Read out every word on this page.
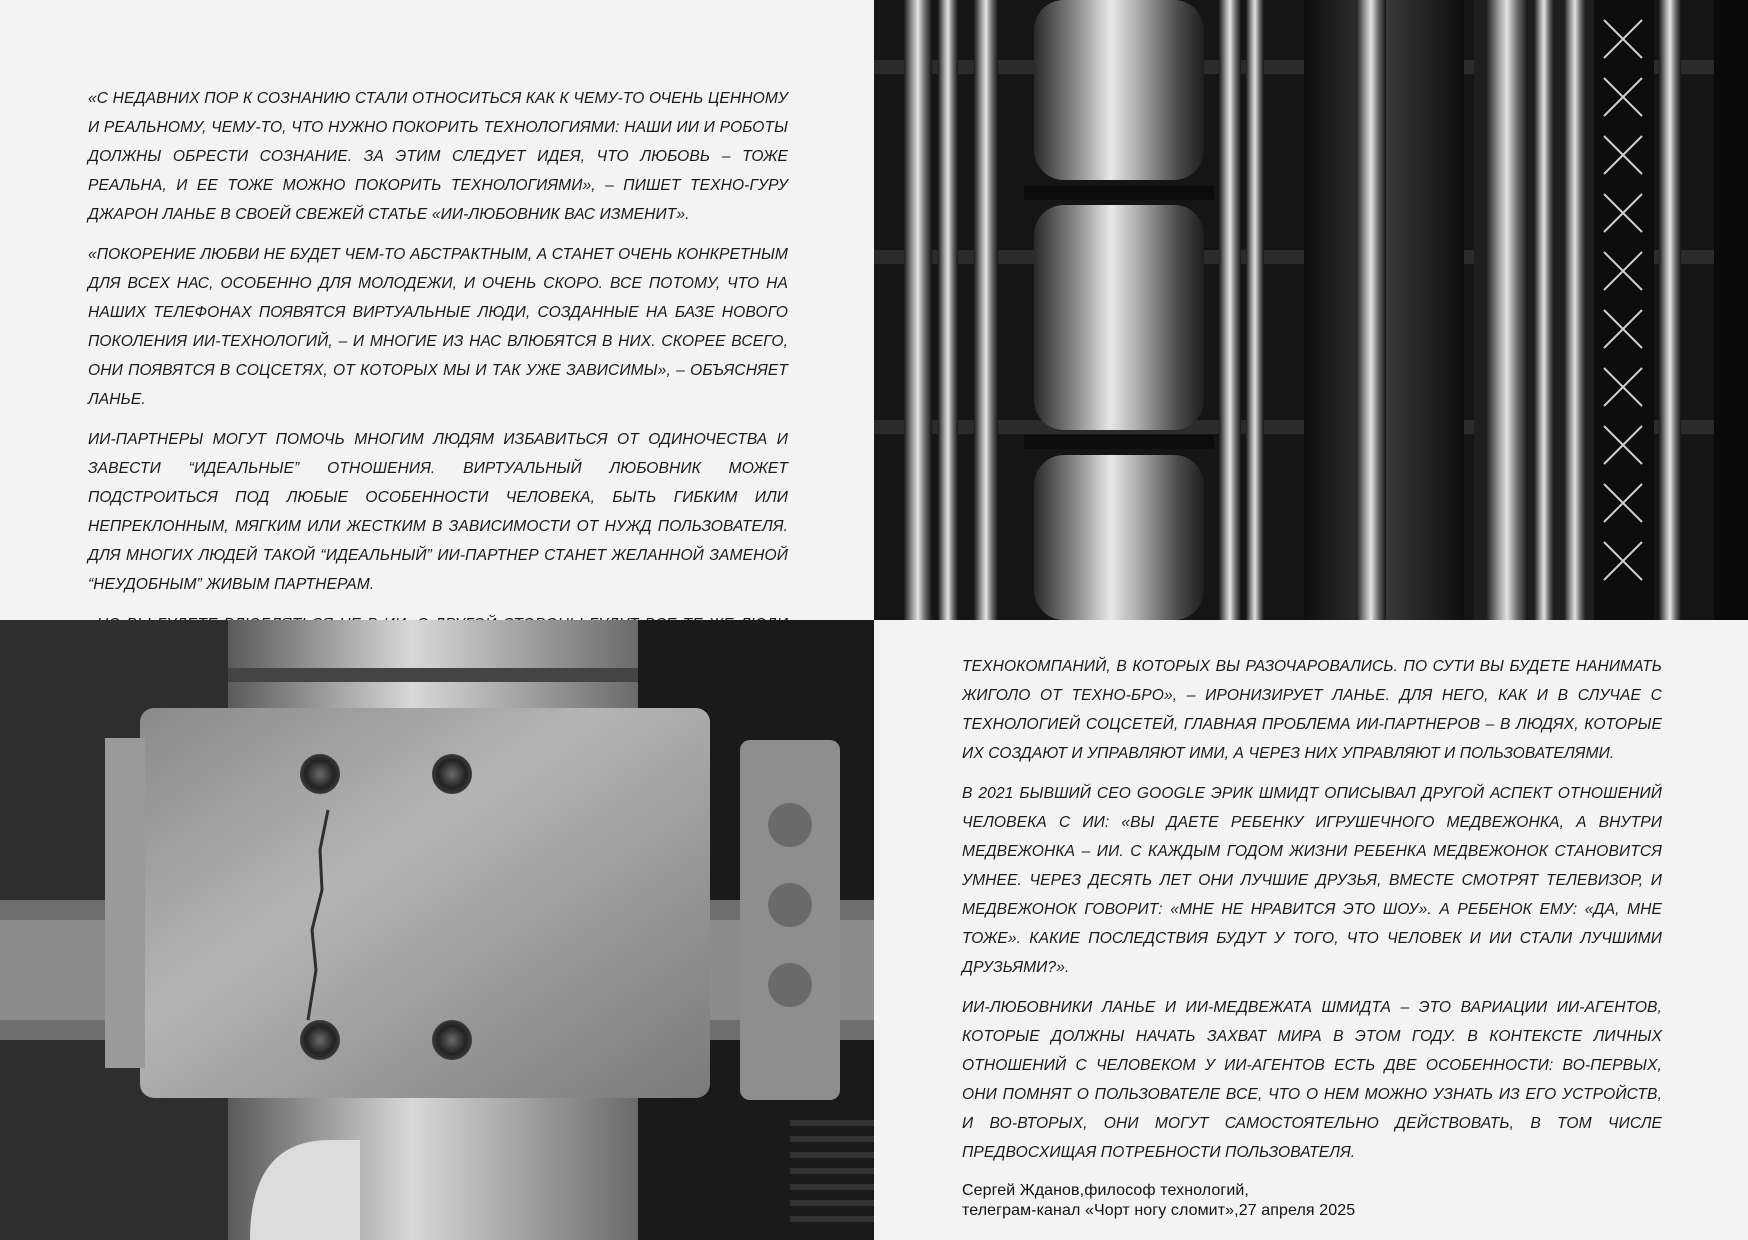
«С НЕДАВНИХ ПОР К СОЗНАНИЮ СТАЛИ ОТНОСИТЬСЯ КАК К ЧЕМУ-ТО ОЧЕНЬ ЦЕННОМУ И РЕАЛЬНОМУ, ЧЕМУ-ТО, ЧТО НУЖНО ПОКОРИТЬ ТЕХНОЛОГИЯМИ: НАШИ ИИ И РОБОТЫ ДОЛЖНЫ ОБРЕСТИ СОЗНАНИЕ. ЗА ЭТИМ СЛЕДУЕТ ИДЕЯ, ЧТО ЛЮБОВЬ – ТОЖЕ РЕАЛЬНА, И ЕЕ ТОЖЕ МОЖНО ПОКОРИТЬ ТЕХНОЛОГИЯМИ», – ПИШЕТ ТЕХНО-ГУРУ ДЖАРОН ЛАНЬЕ В СВОЕЙ СВЕЖЕЙ СТАТЬЕ «ИИ-ЛЮБОВНИК ВАС ИЗМЕНИТ».

«ПОКОРЕНИЕ ЛЮБВИ НЕ БУДЕТ ЧЕМ-ТО АБСТРАКТНЫМ, А СТАНЕТ ОЧЕНЬ КОНКРЕТНЫМ ДЛЯ ВСЕХ НАС, ОСОБЕННО ДЛЯ МОЛОДЕЖИ, И ОЧЕНЬ СКОРО. ВСЕ ПОТОМУ, ЧТО НА НАШИХ ТЕЛЕФОНАХ ПОЯВЯТСЯ ВИРТУАЛЬНЫЕ ЛЮДИ, СОЗДАННЫЕ НА БАЗЕ НОВОГО ПОКОЛЕНИЯ ИИ-ТЕХНОЛОГИЙ, – И МНОГИЕ ИЗ НАС ВЛЮБЯТСЯ В НИХ. СКОРЕЕ ВСЕГО, ОНИ ПОЯВЯТСЯ В СОЦСЕТЯХ, ОТ КОТОРЫХ МЫ И ТАК УЖЕ ЗАВИСИМЫ», – ОБЪЯСНЯЕТ ЛАНЬЕ.

ИИ-ПАРТНЕРЫ МОГУТ ПОМОЧЬ МНОГИМ ЛЮДЯМ ИЗБАВИТЬСЯ ОТ ОДИНОЧЕСТВА И ЗАВЕСТИ “ИДЕАЛЬНЫЕ” ОТНОШЕНИЯ. ВИРТУАЛЬНЫЙ ЛЮБОВНИК МОЖЕТ ПОДСТРОИТЬСЯ ПОД ЛЮБЫЕ ОСОБЕННОСТИ ЧЕЛОВЕКА, БЫТЬ ГИБКИМ ИЛИ НЕПРЕКЛОННЫМ, МЯГКИМ ИЛИ ЖЕСТКИМ В ЗАВИСИМОСТИ ОТ НУЖД ПОЛЬЗОВАТЕЛЯ. ДЛЯ МНОГИХ ЛЮДЕЙ ТАКОЙ “ИДЕАЛЬНЫЙ” ИИ-ПАРТНЕР СТАНЕТ ЖЕЛАННОЙ ЗАМЕНОЙ “НЕУДОБНЫМ” ЖИВЫМ ПАРТНЕРАМ.

ТЕХНОКОМПАНИЙ, В КОТОРЫХ ВЫ РАЗОЧАРОВАЛИСЬ. ПО СУТИ ВЫ БУДЕТЕ НАНИМАТЬ ЖИГОЛО ОТ ТЕХНО-БРО», – ИРОНИЗИРУЕТ ЛАНЬЕ. ДЛЯ НЕГО, КАК И В СЛУЧАЕ С ТЕХНОЛОГИЕЙ СОЦСЕТЕЙ, ГЛАВНАЯ ПРОБЛЕМА ИИ-ПАРТНЕРОВ – В ЛЮДЯХ, КОТОРЫЕ ИХ СОЗДАЮТ И УПРАВЛЯЮТ ИМИ, А ЧЕРЕЗ НИХ УПРАВЛЯЮТ И ПОЛЬЗОВАТЕЛЯМИ.

В 2021 БЫВШИЙ CEO GOOGLE ЭРИК ШМИДТ ОПИСЫВАЛ ДРУГОЙ АСПЕКТ ОТНОШЕНИЙ ЧЕЛОВЕКА С ИИ: «ВЫ ДАЕТЕ РЕБЕНКУ ИГРУШЕЧНОГО МЕДВЕЖОНКА, А ВНУТРИ МЕДВЕЖОНКА – ИИ. С КАЖДЫМ ГОДОМ ЖИЗНИ РЕБЕНКА МЕДВЕЖОНОК СТАНОВИТСЯ УМНЕЕ. ЧЕРЕЗ ДЕСЯТЬ ЛЕТ ОНИ ЛУЧШИЕ ДРУЗЬЯ, ВМЕСТЕ СМОТРЯТ ТЕЛЕВИЗОР, И МЕДВЕЖОНОК ГОВОРИТ: «МНЕ НЕ НРАВИТСЯ ЭТО ШОУ». А РЕБЕНОК ЕМУ: «ДА, МНЕ ТОЖЕ». КАКИЕ ПОСЛЕДСТВИЯ БУДУТ У ТОГО, ЧТО ЧЕЛОВЕК И ИИ СТАЛИ ЛУЧШИМИ ДРУЗЬЯМИ?».

ИИ-ЛЮБОВНИКИ ЛАНЬЕ И ИИ-МЕДВЕЖАТА ШМИДТА – ЭТО ВАРИАЦИИ ИИ-АГЕНТОВ, КОТОРЫЕ ДОЛЖНЫ НАЧАТЬ ЗАХВАТ МИРА В ЭТОМ ГОДУ. В КОНТЕКСТЕ ЛИЧНЫХ ОТНОШЕНИЙ С ЧЕЛОВЕКОМ У ИИ-АГЕНТОВ ЕСТЬ ДВЕ ОСОБЕННОСТИ: ВО-ПЕРВЫХ, ОНИ ПОМНЯТ О ПОЛЬЗОВАТЕЛЕ ВСЕ, ЧТО О НЕМ МОЖНО УЗНАТЬ ИЗ ЕГО УСТРОЙСТВ, И ВО-ВТОРЫХ, ОНИ МОГУТ САМОСТОЯТЕЛЬНО ДЕЙСТВОВАТЬ, В ТОМ ЧИСЛЕ ПРЕДВОСХИЩАЯ ПОТРЕБНОСТИ ПОЛЬЗОВАТЕЛЯ.

Сергей Жданов,философ технологий,
телеграм-канал «Чорт ногу сломит»,27 апреля 2025
